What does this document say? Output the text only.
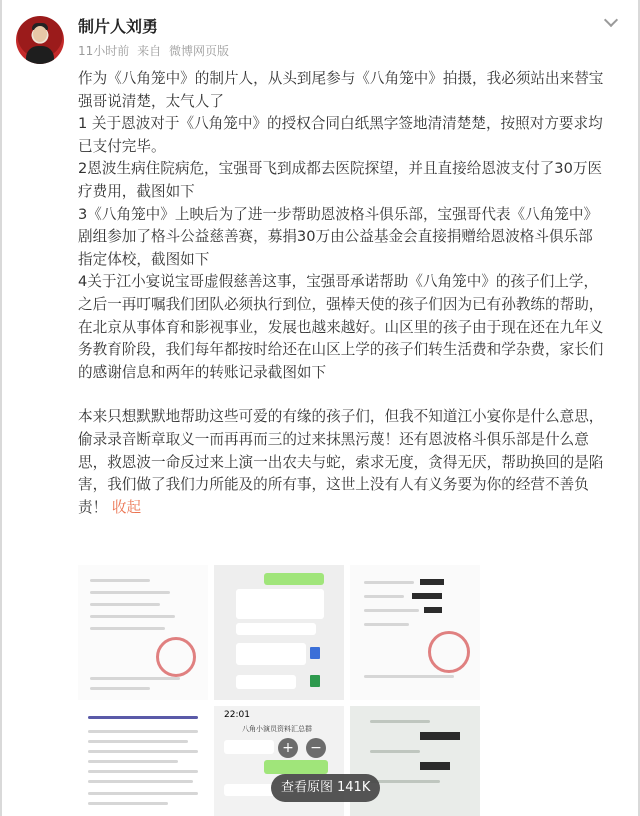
制片人刘勇
11小时前 来自 微博网页版

作为《八角笼中》的制片人，从头到尾参与《八角笼中》拍摄，我必须站出来替宝

强哥说清楚，太气人了

1 关于恩波对于《八角笼中》的授权合同白纸黑字签地清清楚楚，按照对方要求均

已支付完毕。

2恩波生病住院病危，宝强哥飞到成都去医院探望，并且直接给恩波支付了30万医

疗费用，截图如下

3《八角笼中》上映后为了进一步帮助恩波格斗俱乐部，宝强哥代表《八角笼中》

剧组参加了格斗公益慈善赛，募捐30万由公益基金会直接捐赠给恩波格斗俱乐部

指定体校，截图如下

4关于江小宴说宝哥虚假慈善这事，宝强哥承诺帮助《八角笼中》的孩子们上学，

之后一再叮嘱我们团队必须执行到位，强棒天使的孩子们因为已有孙教练的帮助，

在北京从事体育和影视事业，发展也越来越好。山区里的孩子由于现在还在九年义

务教育阶段，我们每年都按时给还在山区上学的孩子们转生活费和学杂费，家长们

的感谢信息和两年的转账记录截图如下

本来只想默默地帮助这些可爱的有缘的孩子们，但我不知道江小宴你是什么意思，

偷录录音断章取义一而再再而三的过来抹黑污蔑！还有恩波格斗俱乐部是什么意

思，救恩波一命反过来上演一出农夫与蛇，索求无度，贪得无厌，帮助换回的是陷

害，我们做了我们力所能及的所有事，这世上没有人有义务要为你的经营不善负

责！ 收起

22:01
八角小演员资料汇总群
+ −
查看原图 141K
